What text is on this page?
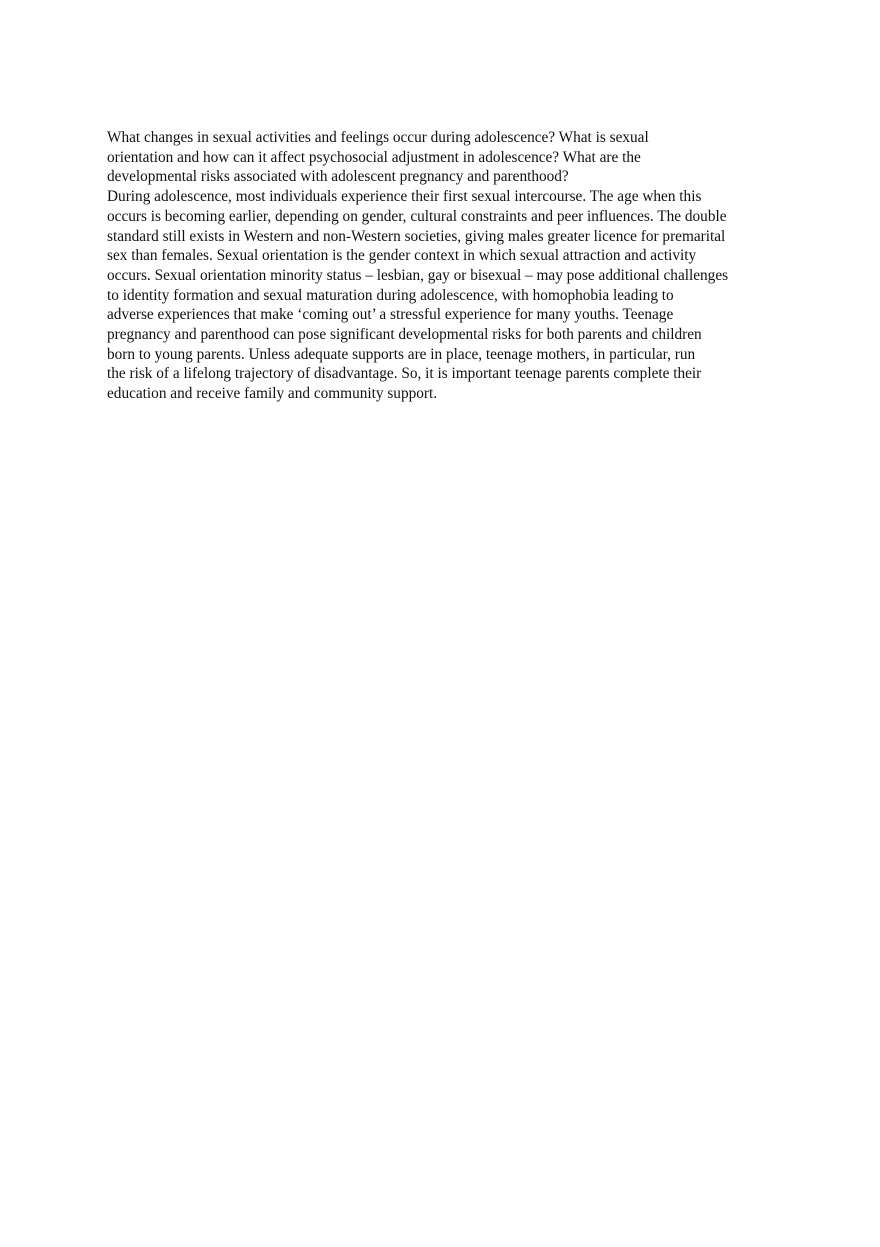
What changes in sexual activities and feelings occur during adolescence? What is sexual
orientation and how can it affect psychosocial adjustment in adolescence? What are the
developmental risks associated with adolescent pregnancy and parenthood?
During adolescence, most individuals experience their first sexual intercourse. The age when this
occurs is becoming earlier, depending on gender, cultural constraints and peer influences. The double
standard still exists in Western and non-Western societies, giving males greater licence for premarital
sex than females. Sexual orientation is the gender context in which sexual attraction and activity
occurs. Sexual orientation minority status – lesbian, gay or bisexual – may pose additional challenges
to identity formation and sexual maturation during adolescence, with homophobia leading to
adverse experiences that make ‘coming out’ a stressful experience for many youths. Teenage
pregnancy and parenthood can pose significant developmental risks for both parents and children
born to young parents. Unless adequate supports are in place, teenage mothers, in particular, run
the risk of a lifelong trajectory of disadvantage. So, it is important teenage parents complete their
education and receive family and community support.
